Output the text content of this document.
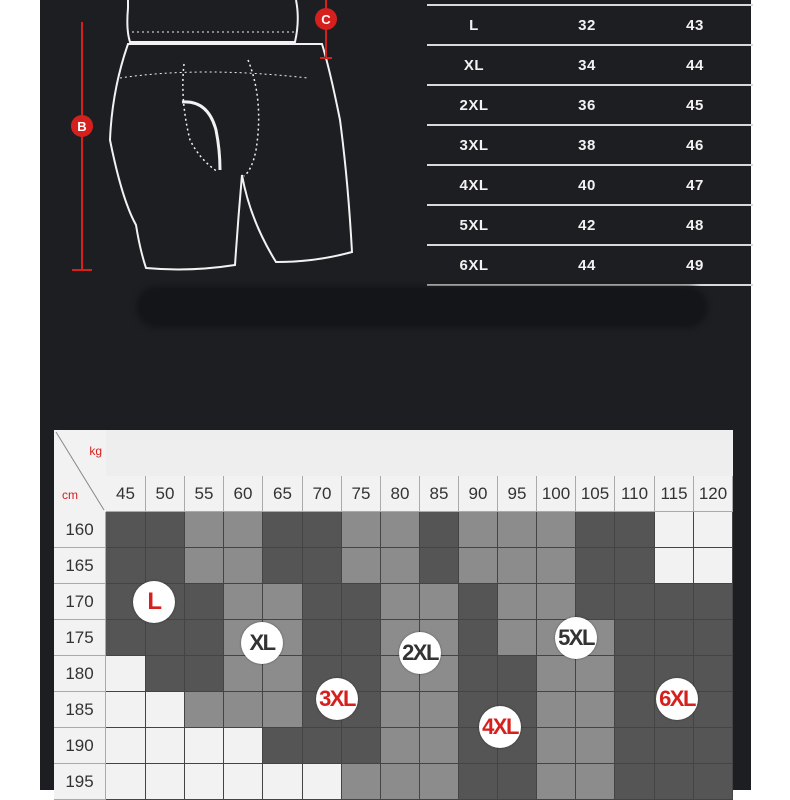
B
C	L	32	43
XL	34	44
2XL	36	45
3XL	38	46
4XL	40	47
5XL	42	48
6XL	44	49
kg
cm	45	50	55	60	65	70	75	80	85	90	95 100 105 110 115 120
160
165
170
175
180
185
190
195
L
XL	2XL
3XL
4XL
5XL
6XL
